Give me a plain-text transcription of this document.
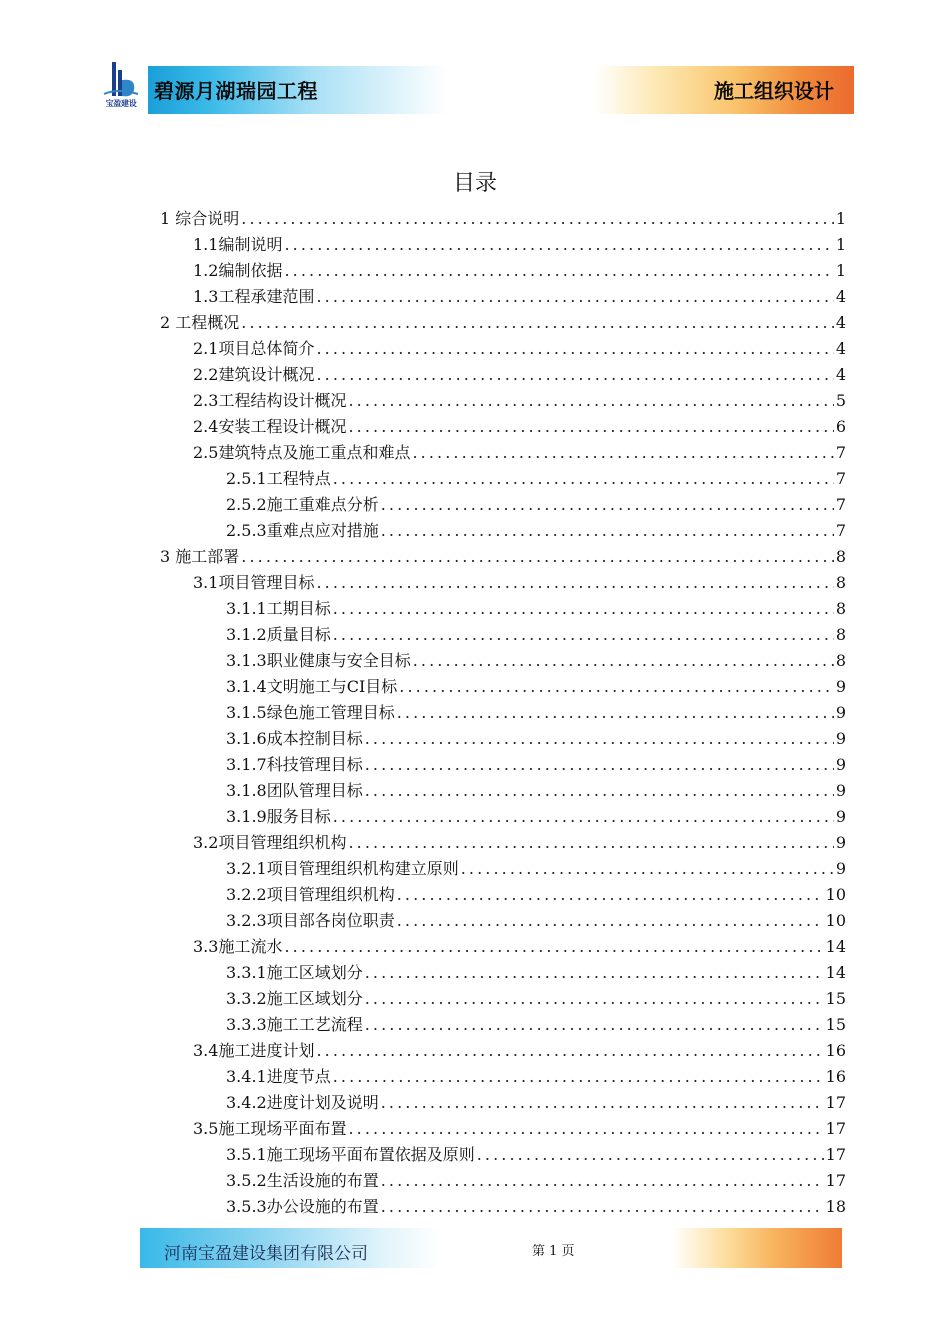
宝盈建设
碧源月湖瑞园工程	施工组织设计
目录
1 综合说明 .....	1
1.1编制说明 .....	1
1.2编制依据 .....	1
1.3工程承建范围 .....	4
2 工程概况 .....	4
2.1项目总体简介 .....	4
2.2建筑设计概况 .....	4
2.3工程结构设计概况 .....	5
2.4安装工程设计概况 .....	6
2.5建筑特点及施工重点和难点 .....	7
2.5.1工程特点 .....	7
2.5.2施工重难点分析 .....	7
2.5.3重难点应对措施 .....	7
3 施工部署 .....	8
3.1项目管理目标 .....	8
3.1.1工期目标 .....	8
3.1.2质量目标 .....	8
3.1.3职业健康与安全目标 .....	8
3.1.4文明施工与CI目标 .....	9
3.1.5绿色施工管理目标 .....	9
3.1.6成本控制目标 .....	9
3.1.7科技管理目标 .....	9
3.1.8团队管理目标 .....	9
3.1.9服务目标 .....	9
3.2项目管理组织机构 .....	9
3.2.1项目管理组织机构建立原则 .....	9
3.2.2项目管理组织机构 .....	10
3.2.3项目部各岗位职责 .....	10
3.3施工流水 .....	14
3.3.1施工区域划分 .....	14
3.3.2施工区域划分 .....	15
3.3.3施工工艺流程 .....	15
3.4施工进度计划 .....	16
3.4.1进度节点 .....	16
3.4.2进度计划及说明 .....	17
3.5施工现场平面布置 .....	17
3.5.1施工现场平面布置依据及原则 .....	17
3.5.2生活设施的布置 .....	17
3.5.3办公设施的布置 .....	18
河南宝盈建设集团有限公司	第 1 页
